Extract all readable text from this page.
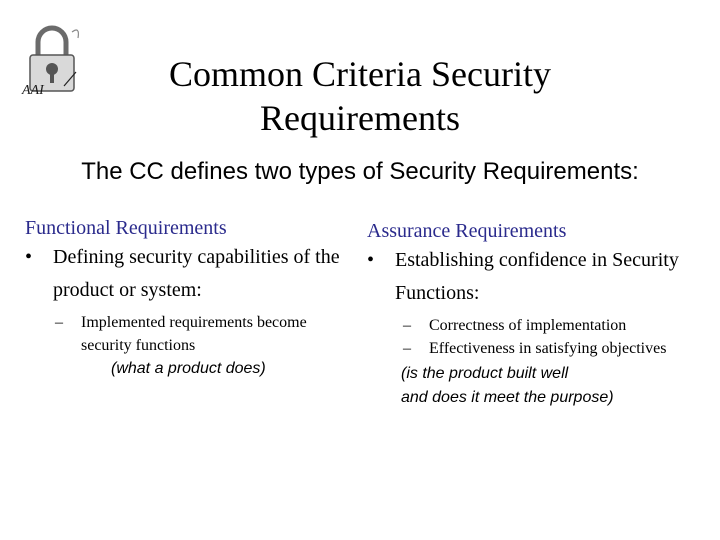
AAI	Common Criteria Security
Requirements
The CC defines two types of Security Requirements:
Functional Requirements
•	Defining security capabilities of the product or system:
–	Implemented requirements become security functions
(what a product does)
Assurance Requirements
•	Establishing confidence in Security Functions:
–	Correctness of implementation
–	Effectiveness in satisfying objectives
(is the product built well
and does it meet the purpose)
